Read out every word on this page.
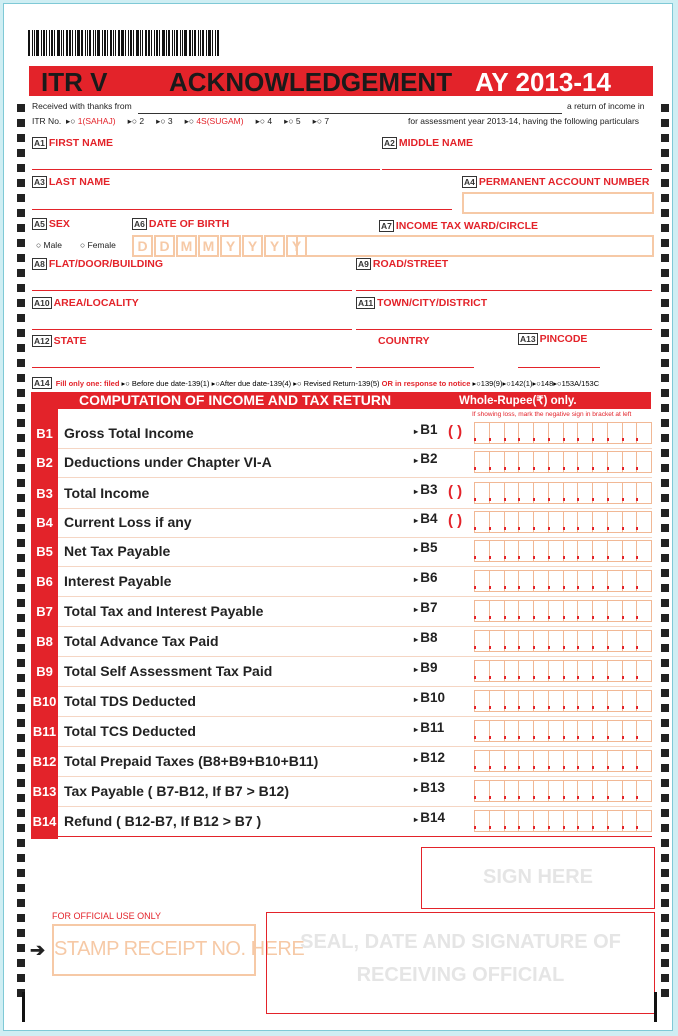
ITR V ACKNOWLEDGEMENT AY 2013-14
Received with thanks from	a return of income in
ITR No. ▸○ 1(SAHAJ) ▸○ 2 ▸○ 3 ▸○ 4S(SUGAM) ▸○ 4 ▸○ 5 ▸○ 7	for assessment year 2013-14, having the following particulars
A1 FIRST NAME	A2 MIDDLE NAME
A3 LAST NAME	A4 PERMANENT ACCOUNT NUMBER
A5 SEX
○ Male ○ Female
A6 DATE OF BIRTH
D D M M Y Y Y Y
A7 INCOME TAX WARD/CIRCLE
A8 FLAT/DOOR/BUILDING	A9 ROAD/STREET
A10 AREA/LOCALITY	A11 TOWN/CITY/DISTRICT
A12 STATE	COUNTRY	A13 PINCODE
A14 Fill only one: filed ▸○ Before due date-139(1) ▸○After due date-139(4) ▸○ Revised Return-139(5) OR in response to notice ▸○139(9)▸○142(1)▸○148▸○153A/153C
COMPUTATION OF INCOME AND TAX RETURN	Whole-Rupee(₹) only.
If showing loss, mark the negative sign in bracket at left
B1 Gross Total Income	▸ B1 ( )
B2 Deductions under Chapter VI-A	▸ B2
B3 Total Income	▸ B3 ( )
B4 Current Loss if any	▸ B4 ( )
B5 Net Tax Payable	▸ B5
B6 Interest Payable	▸ B6
B7 Total Tax and Interest Payable	▸ B7
B8 Total Advance Tax Paid	▸ B8
B9 Total Self Assessment Tax Paid	▸ B9
B10 Total TDS Deducted	▸ B10
B11 Total TCS Deducted	▸ B11
B12 Total Prepaid Taxes (B8+B9+B10+B11)	▸ B12
B13 Tax Payable ( B7-B12, If B7 > B12)	▸ B13
B14 Refund ( B12-B7, If B12 > B7 )	▸ B14
SIGN HERE
FOR OFFICIAL USE ONLY
➔ STAMP RECEIPT NO. HERE
SEAL, DATE AND SIGNATURE OF
RECEIVING OFFICIAL
